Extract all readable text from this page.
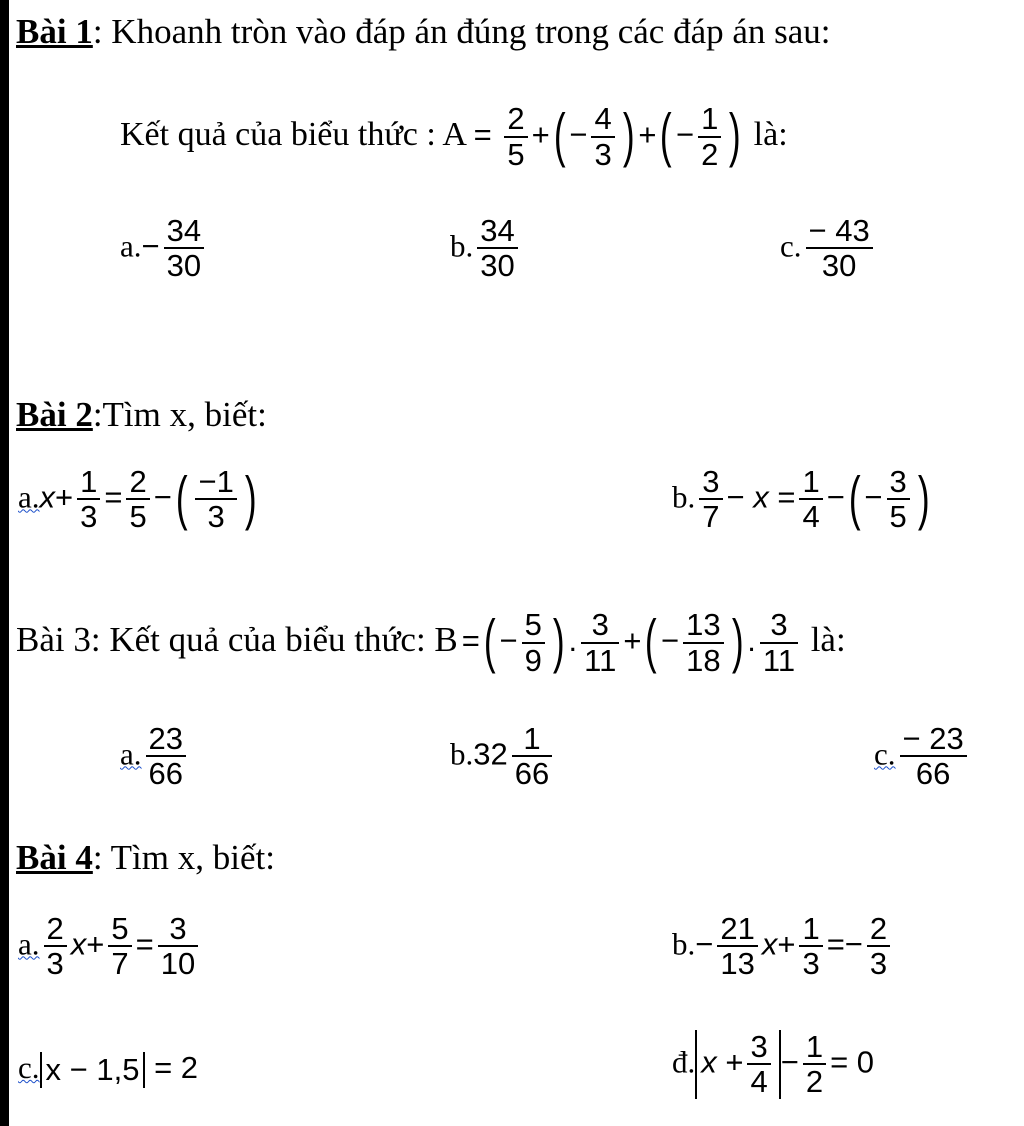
Bài 1: Khoanh tròn vào đáp án đúng trong các đáp án sau:
Kết quả của biểu thức : $A = \frac{2}{5}$ +( − $\frac{4}{3}$ ) +( − $\frac{1}{2}$ ) là:
$a.- \frac{34}{30}$	b. $\frac{34}{30}$	c. $\frac{- 43}{30}$
Bài 2:Tìm x, biết:
$a.x+ \frac{1}{3} = \frac{2}{5}$ −( $\frac{-1}{3}$ )	b. $\frac{3}{7} - x = \frac{1}{4}$ −( − $\frac{3}{5}$ )
Bài 3: Kết quả của biểu thức: B =( − $\frac{5}{9}$ ) . $\frac{3}{11}$ +( − $\frac{13}{18}$ ) . $\frac{3}{11}$ là:
a. $\frac{23}{66}$	$b.32 \frac{1}{66}$	c. $\frac{- 23}{66}$
Bài 4: Tìm x, biết:
a. $\frac{2}{3} x+ \frac{5}{7} = \frac{3}{10}$	$b.- \frac{21}{13} x+ \frac{1}{3} =- \frac{2}{3}$
c. x − 1,5 = 2	đ. $x + \frac{3}{4} - \frac{1}{2} = 0$
